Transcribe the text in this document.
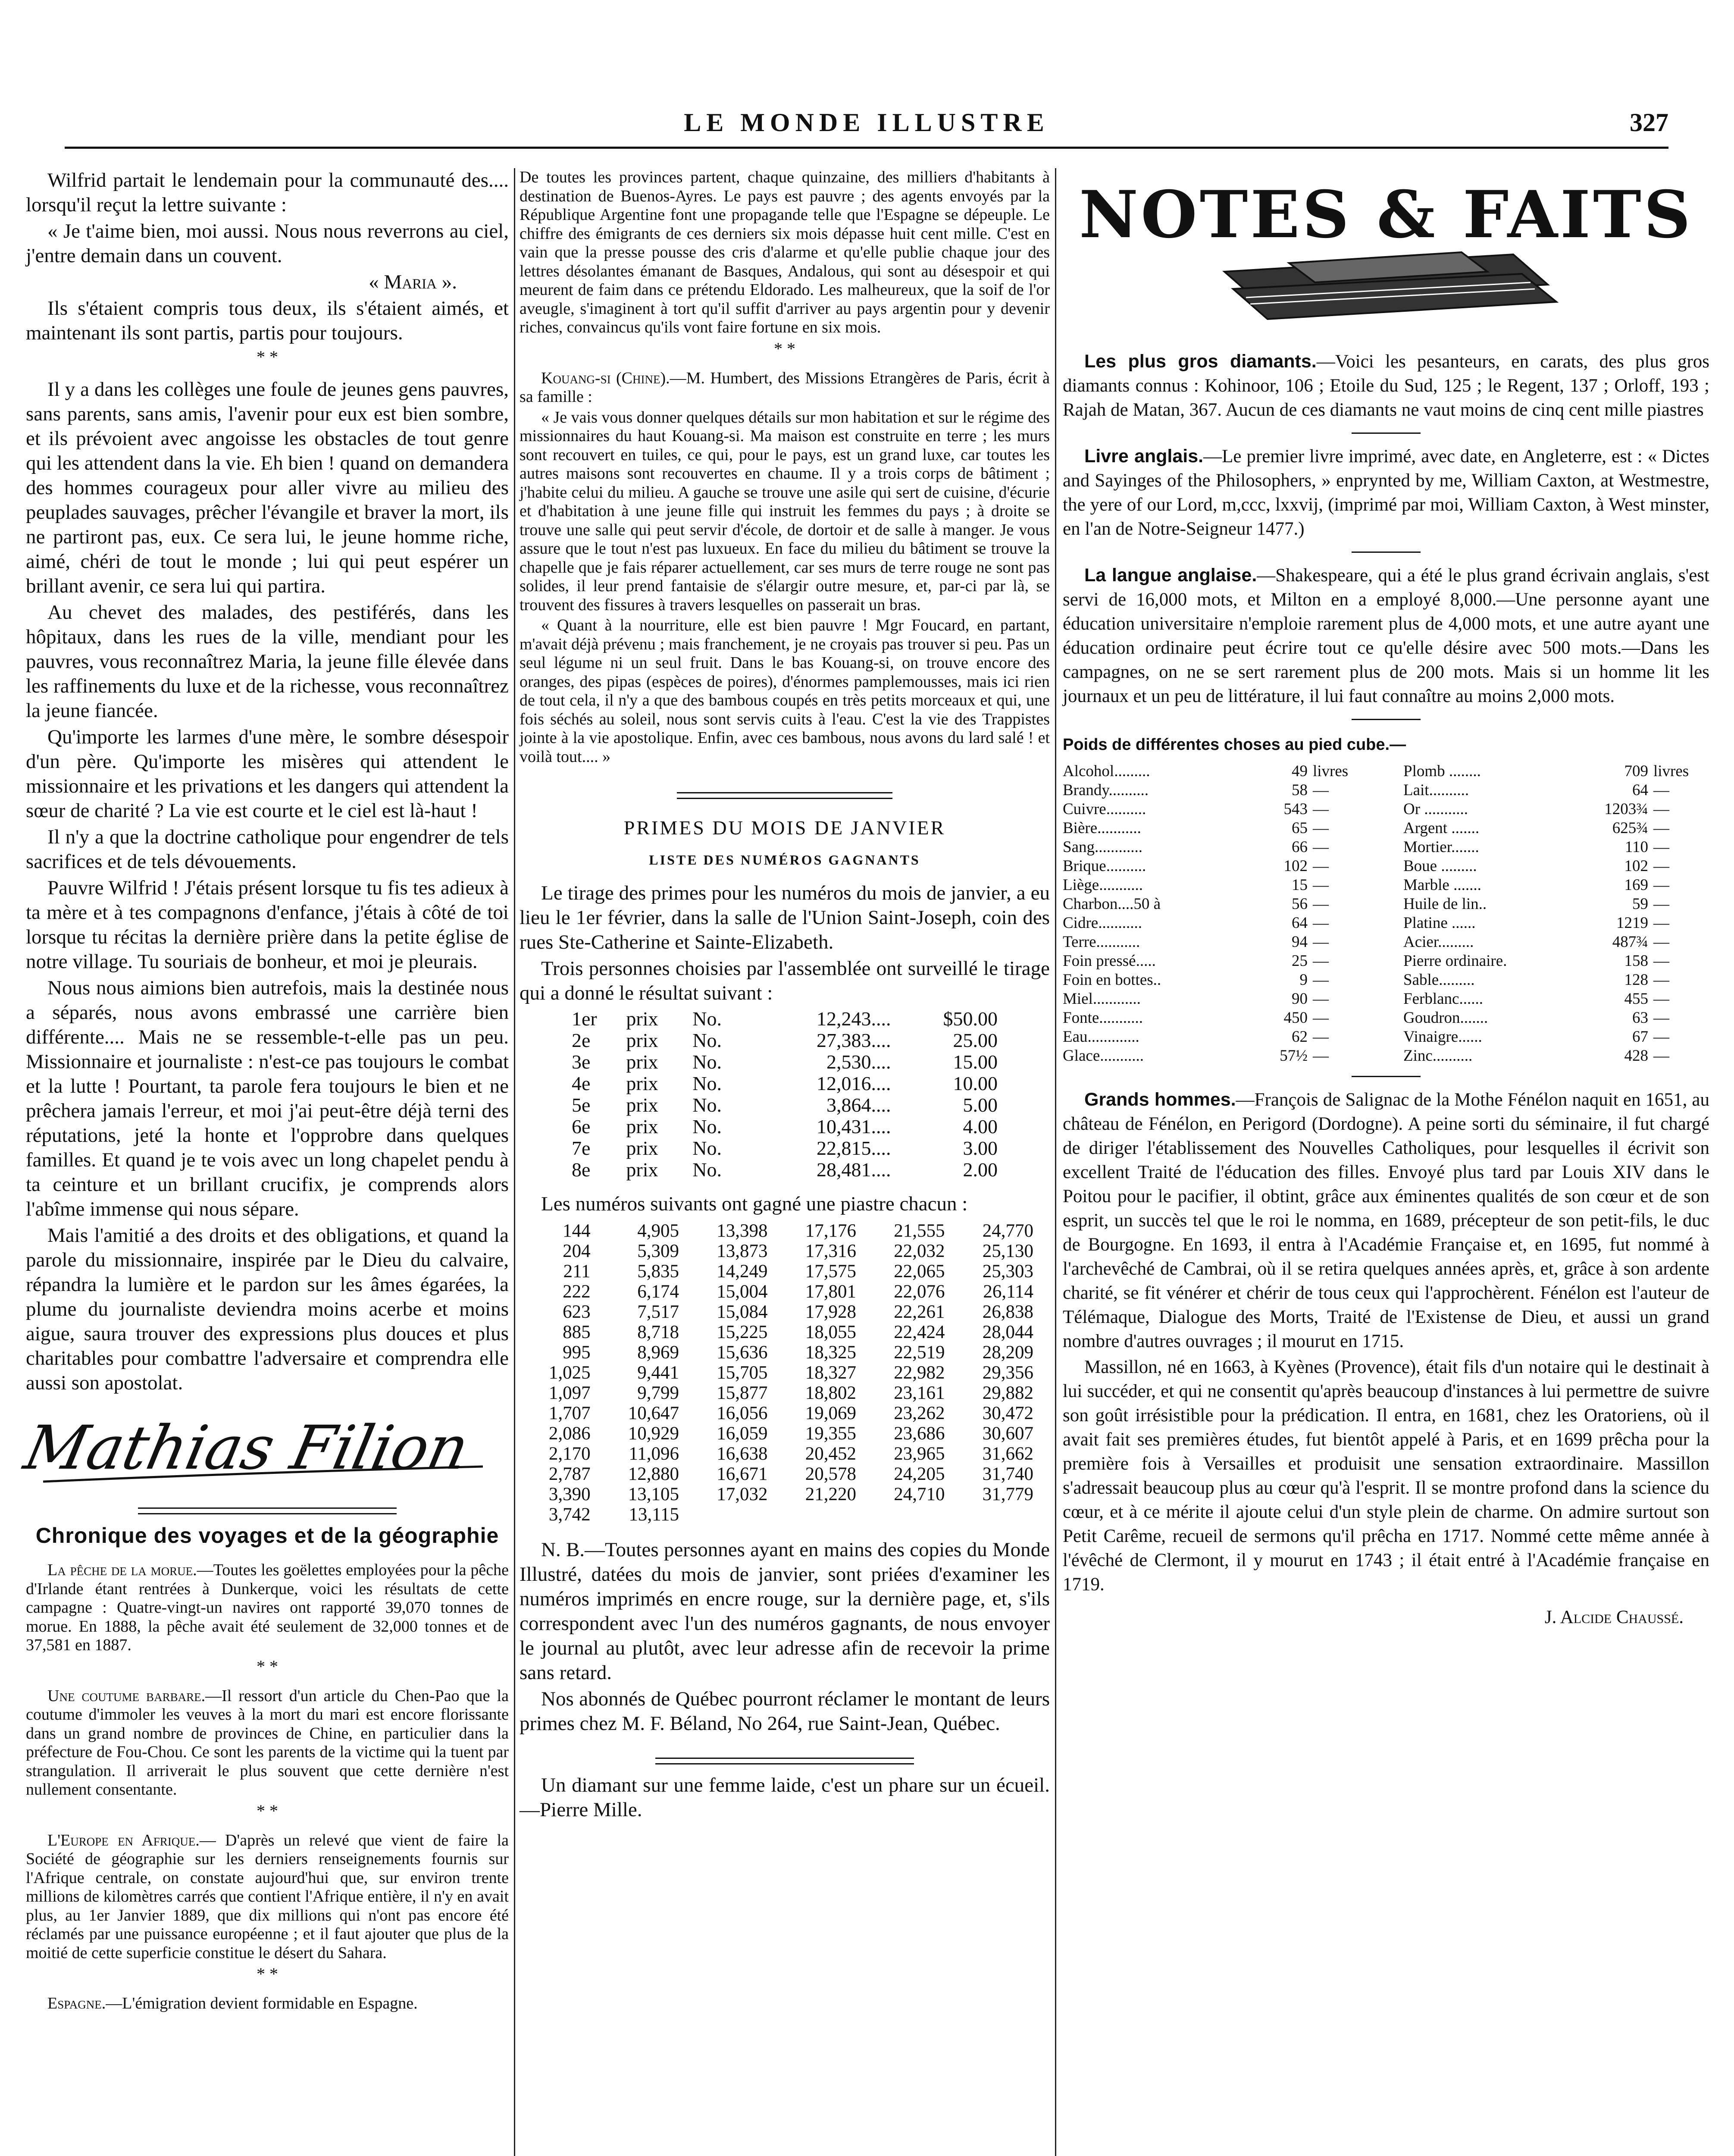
LE MONDE ILLUSTRE	327

Wilfrid partait le lendemain pour la communauté des.... lorsqu'il reçut la lettre suivante :

« Je t'aime bien, moi aussi. Nous nous reverrons au ciel, j'entre demain dans un couvent.

« Maria ».

Ils s'étaient compris tous deux, ils s'étaient aimés, et maintenant ils sont partis, partis pour toujours.

* *

Il y a dans les collèges une foule de jeunes gens pauvres, sans parents, sans amis, l'avenir pour eux est bien sombre, et ils prévoient avec angoisse les obstacles de tout genre qui les attendent dans la vie. Eh bien ! quand on demandera des hommes courageux pour aller vivre au milieu des peuplades sauvages, prêcher l'évangile et braver la mort, ils ne partiront pas, eux. Ce sera lui, le jeune homme riche, aimé, chéri de tout le monde ; lui qui peut espérer un brillant avenir, ce sera lui qui partira.

Au chevet des malades, des pestiférés, dans les hôpitaux, dans les rues de la ville, mendiant pour les pauvres, vous reconnaîtrez Maria, la jeune fille élevée dans les raffinements du luxe et de la richesse, vous reconnaîtrez la jeune fiancée.

Qu'importe les larmes d'une mère, le sombre désespoir d'un père. Qu'importe les misères qui attendent le missionnaire et les privations et les dangers qui attendent la sœur de charité ? La vie est courte et le ciel est là-haut !

Il n'y a que la doctrine catholique pour engendrer de tels sacrifices et de tels dévouements.

Pauvre Wilfrid ! J'étais présent lorsque tu fis tes adieux à ta mère et à tes compagnons d'enfance, j'étais à côté de toi lorsque tu récitas la dernière prière dans la petite église de notre village. Tu souriais de bonheur, et moi je pleurais.

Nous nous aimions bien autrefois, mais la destinée nous a séparés, nous avons embrassé une carrière bien différente.... Mais ne se ressemble-t-elle pas un peu. Missionnaire et journaliste : n'est-ce pas toujours le combat et la lutte ! Pourtant, ta parole fera toujours le bien et ne prêchera jamais l'erreur, et moi j'ai peut-être déjà terni des réputations, jeté la honte et l'opprobre dans quelques familles. Et quand je te vois avec un long chapelet pendu à ta ceinture et un brillant crucifix, je comprends alors l'abîme immense qui nous sépare.

Mais l'amitié a des droits et des obligations, et quand la parole du missionnaire, inspirée par le Dieu du calvaire, répandra la lumière et le pardon sur les âmes égarées, la plume du journaliste deviendra moins acerbe et moins aigue, saura trouver des expressions plus douces et plus charitables pour combattre l'adversaire et comprendra elle aussi son apostolat.

Mathias Filion
Chronique des voyages et de la géographie

La pêche de la morue.—Toutes les goëlettes employées pour la pêche d'Irlande étant rentrées à Dunkerque, voici les résultats de cette campagne : Quatre-vingt-un navires ont rapporté 39,070 tonnes de morue. En 1888, la pêche avait été seulement de 32,000 tonnes et de 37,581 en 1887.

* *

Une coutume barbare.—Il ressort d'un article du Chen-Pao que la coutume d'immoler les veuves à la mort du mari est encore florissante dans un grand nombre de provinces de Chine, en particulier dans la préfecture de Fou-Chou. Ce sont les parents de la victime qui la tuent par strangulation. Il arriverait le plus souvent que cette dernière n'est nullement consentante.

* *

L'Europe en Afrique.— D'après un relevé que vient de faire la Société de géographie sur les derniers renseignements fournis sur l'Afrique centrale, on constate aujourd'hui que, sur environ trente millions de kilomètres carrés que contient l'Afrique entière, il n'y en avait plus, au 1er Janvier 1889, que dix millions qui n'ont pas encore été réclamés par une puissance européenne ; et il faut ajouter que plus de la moitié de cette superficie constitue le désert du Sahara.

* *

Espagne.—L'émigration devient formidable en Espagne.

De toutes les provinces partent, chaque quinzaine, des milliers d'habitants à destination de Buenos-Ayres. Le pays est pauvre ; des agents envoyés par la République Argentine font une propagande telle que l'Espagne se dépeuple. Le chiffre des émigrants de ces derniers six mois dépasse huit cent mille. C'est en vain que la presse pousse des cris d'alarme et qu'elle publie chaque jour des lettres désolantes émanant de Basques, Andalous, qui sont au désespoir et qui meurent de faim dans ce prétendu Eldorado. Les malheureux, que la soif de l'or aveugle, s'imaginent à tort qu'il suffit d'arriver au pays argentin pour y devenir riches, convaincus qu'ils vont faire fortune en six mois.

* *

Kouang-si (Chine).—M. Humbert, des Missions Etrangères de Paris, écrit à sa famille :

« Je vais vous donner quelques détails sur mon habitation et sur le régime des missionnaires du haut Kouang-si. Ma maison est construite en terre ; les murs sont recouvert en tuiles, ce qui, pour le pays, est un grand luxe, car toutes les autres maisons sont recouvertes en chaume. Il y a trois corps de bâtiment ; j'habite celui du milieu. A gauche se trouve une asile qui sert de cuisine, d'écurie et d'habitation à une jeune fille qui instruit les femmes du pays ; à droite se trouve une salle qui peut servir d'école, de dortoir et de salle à manger. Je vous assure que le tout n'est pas luxueux. En face du milieu du bâtiment se trouve la chapelle que je fais réparer actuellement, car ses murs de terre rouge ne sont pas solides, il leur prend fantaisie de s'élargir outre mesure, et, par-ci par là, se trouvent des fissures à travers lesquelles on passerait un bras.

« Quant à la nourriture, elle est bien pauvre ! Mgr Foucard, en partant, m'avait déjà prévenu ; mais franchement, je ne croyais pas trouver si peu. Pas un seul légume ni un seul fruit. Dans le bas Kouang-si, on trouve encore des oranges, des pipas (espèces de poires), d'énormes pamplemousses, mais ici rien de tout cela, il n'y a que des bambous coupés en très petits morceaux et qui, une fois séchés au soleil, nous sont servis cuits à l'eau. C'est la vie des Trappistes jointe à la vie apostolique. Enfin, avec ces bambous, nous avons du lard salé ! et voilà tout.... »

PRIMES DU MOIS DE JANVIER
LISTE DES NUMÉROS GAGNANTS

Le tirage des primes pour les numéros du mois de janvier, a eu lieu le 1er février, dans la salle de l'Union Saint-Joseph, coin des rues Ste-Catherine et Sainte-Elizabeth.

Trois personnes choisies par l'assemblée ont surveillé le tirage qui a donné le résultat suivant :

1er	prix	No.	12,243....	$50.00
2e	prix	No.	27,383....	25.00
3e	prix	No.	2,530....	15.00
4e	prix	No.	12,016....	10.00
5e	prix	No.	3,864....	5.00
6e	prix	No.	10,431....	4.00
7e	prix	No.	22,815....	3.00
8e	prix	No.	28,481....	2.00

Les numéros suivants ont gagné une piastre chacun :

144	4,905	13,398	17,176	21,555	24,770
204	5,309	13,873	17,316	22,032	25,130
211	5,835	14,249	17,575	22,065	25,303
222	6,174	15,004	17,801	22,076	26,114
623	7,517	15,084	17,928	22,261	26,838
885	8,718	15,225	18,055	22,424	28,044
995	8,969	15,636	18,325	22,519	28,209
1,025	9,441	15,705	18,327	22,982	29,356
1,097	9,799	15,877	18,802	23,161	29,882
1,707	10,647	16,056	19,069	23,262	30,472
2,086	10,929	16,059	19,355	23,686	30,607
2,170	11,096	16,638	20,452	23,965	31,662
2,787	12,880	16,671	20,578	24,205	31,740
3,390	13,105	17,032	21,220	24,710	31,779
3,742	13,115				

N. B.—Toutes personnes ayant en mains des copies du Monde Illustré, datées du mois de janvier, sont priées d'examiner les numéros imprimés en encre rouge, sur la dernière page, et, s'ils correspondent avec l'un des numéros gagnants, de nous envoyer le journal au plutôt, avec leur adresse afin de recevoir la prime sans retard.

Nos abonnés de Québec pourront réclamer le montant de leurs primes chez M. F. Béland, No 264, rue Saint-Jean, Québec.

Un diamant sur une femme laide, c'est un phare sur un écueil.—Pierre Mille.

NOTES & FAITS

Les plus gros diamants.—Voici les pesanteurs, en carats, des plus gros diamants connus : Kohinoor, 106 ; Etoile du Sud, 125 ; le Regent, 137 ; Orloff, 193 ; Rajah de Matan, 367. Aucun de ces diamants ne vaut moins de cinq cent mille piastres

Livre anglais.—Le premier livre imprimé, avec date, en Angleterre, est : « Dictes and Sayinges of the Philosophers, » enprynted by me, William Caxton, at Westmestre, the yere of our Lord, m,ccc, lxxvij, (imprimé par moi, William Caxton, à West minster, en l'an de Notre-Seigneur 1477.)

La langue anglaise.—Shakespeare, qui a été le plus grand écrivain anglais, s'est servi de 16,000 mots, et Milton en a employé 8,000.—Une personne ayant une éducation universitaire n'emploie rarement plus de 4,000 mots, et une autre ayant une éducation ordinaire peut écrire tout ce qu'elle désire avec 500 mots.—Dans les campagnes, on ne se sert rarement plus de 200 mots. Mais si un homme lit les journaux et un peu de littérature, il lui faut connaître au moins 2,000 mots.

Poids de différentes choses au pied cube.—
Alcohol.........	49 livres
Brandy..........	58 —
Cuivre..........	543 —
Bière...........	65 —
Sang............	66 —
Brique..........	102 —
Liège...........	15 —
Charbon....50 à	56 —
Cidre...........	64 —
Terre...........	94 —
Foin pressé.....	25 —
Foin en bottes..	9 —
Miel............	90 —
Fonte...........	450 —
Eau.............	62 —
Glace...........	57½ —
Plomb ........	709 livres
Lait..........	64 —
Or ...........	1203¾ —
Argent .......	625¾ —
Mortier.......	110 —
Boue .........	102 —
Marble .......	169 —
Huile de lin..	59 —
Platine ......	1219 —
Acier.........	487¾ —
Pierre ordinaire.	158 —
Sable.........	128 —
Ferblanc......	455 —
Goudron.......	63 —
Vinaigre......	67 —
Zinc..........	428 —

Grands hommes.—François de Salignac de la Mothe Fénélon naquit en 1651, au château de Fénélon, en Perigord (Dordogne). A peine sorti du séminaire, il fut chargé de diriger l'établissement des Nouvelles Catholiques, pour lesquelles il écrivit son excellent Traité de l'éducation des filles. Envoyé plus tard par Louis XIV dans le Poitou pour le pacifier, il obtint, grâce aux éminentes qualités de son cœur et de son esprit, un succès tel que le roi le nomma, en 1689, précepteur de son petit-fils, le duc de Bourgogne. En 1693, il entra à l'Académie Française et, en 1695, fut nommé à l'archevêché de Cambrai, où il se retira quelques années après, et, grâce à son ardente charité, se fit vénérer et chérir de tous ceux qui l'approchèrent. Fénélon est l'auteur de Télémaque, Dialogue des Morts, Traité de l'Existense de Dieu, et aussi un grand nombre d'autres ouvrages ; il mourut en 1715.

Massillon, né en 1663, à Kyènes (Provence), était fils d'un notaire qui le destinait à lui succéder, et qui ne consentit qu'après beaucoup d'instances à lui permettre de suivre son goût irrésistible pour la prédication. Il entra, en 1681, chez les Oratoriens, où il avait fait ses premières études, fut bientôt appelé à Paris, et en 1699 prêcha pour la première fois à Versailles et produisit une sensation extraordinaire. Massillon s'adressait beaucoup plus au cœur qu'à l'esprit. Il se montre profond dans la science du cœur, et à ce mérite il ajoute celui d'un style plein de charme. On admire surtout son Petit Carême, recueil de sermons qu'il prêcha en 1717. Nommé cette même année à l'évêché de Clermont, il y mourut en 1743 ; il était entré à l'Académie française en 1719.

J. Alcide Chaussé.
